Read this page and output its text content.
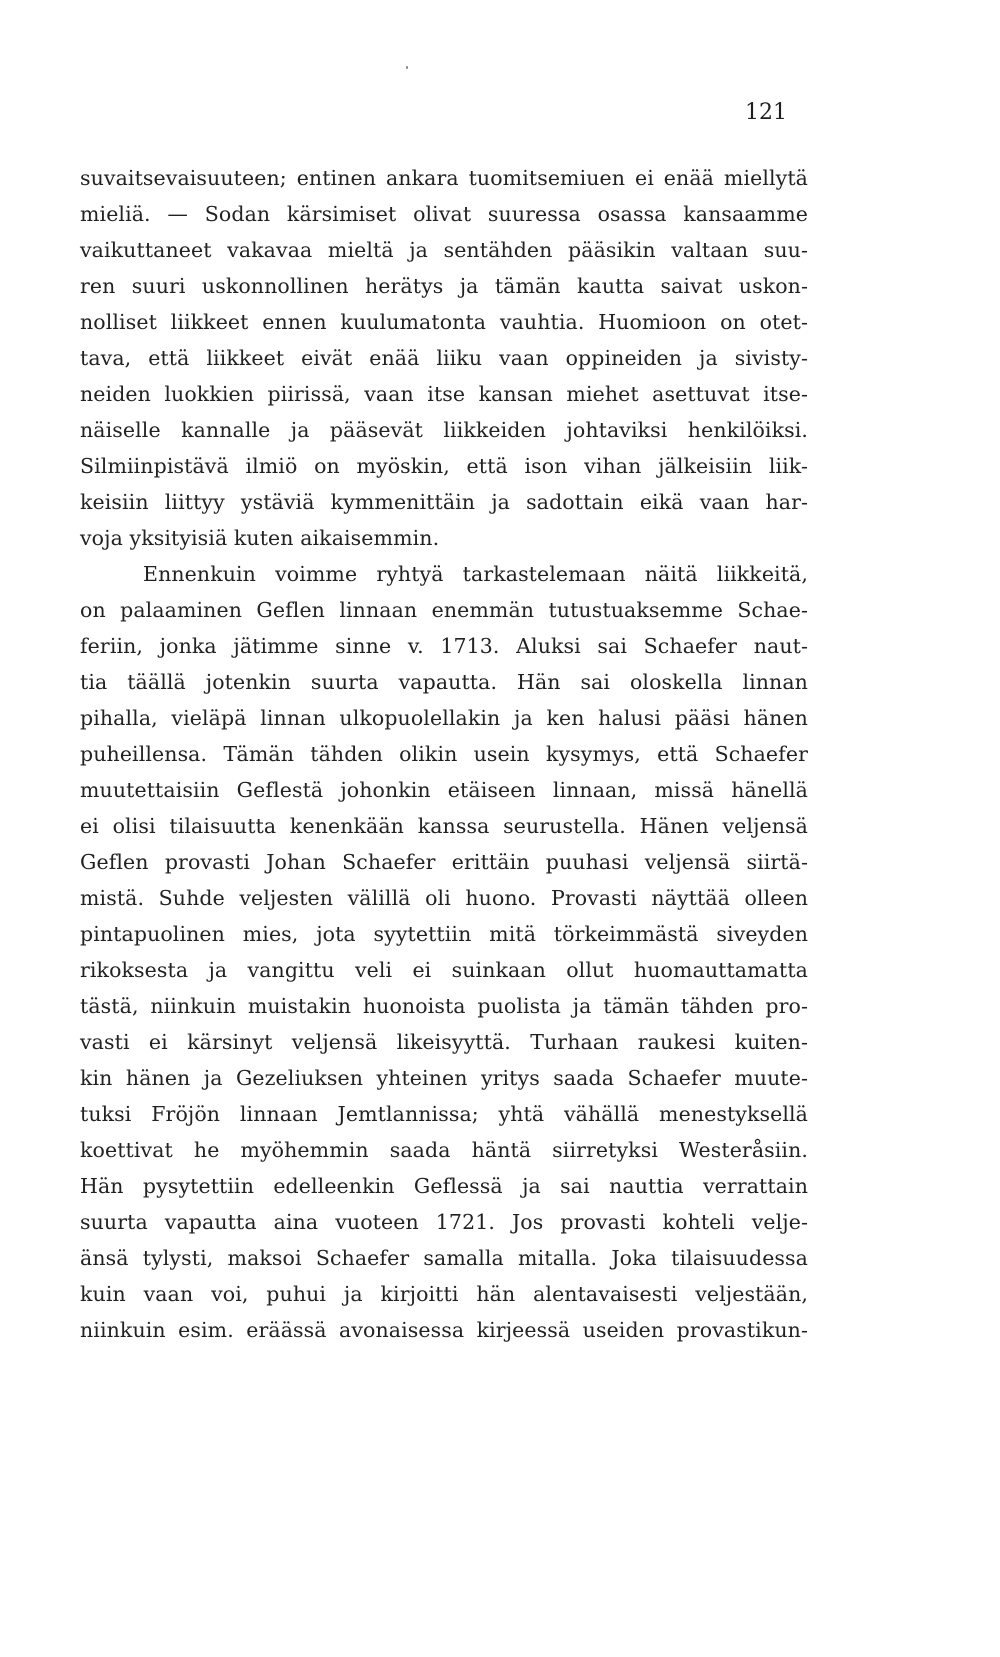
121
suvaitsevaisuuteen; entinen ankara tuomitsemiuen ei enää miellytä
mieliä. — Sodan kärsimiset olivat suuressa osassa kansaamme
vaikuttaneet vakavaa mieltä ja sentähden pääsikin valtaan suu-
ren suuri uskonnollinen herätys ja tämän kautta saivat uskon-
nolliset liikkeet ennen kuulumatonta vauhtia. Huomioon on otet-
tava, että liikkeet eivät enää liiku vaan oppineiden ja sivisty-
neiden luokkien piirissä, vaan itse kansan miehet asettuvat itse-
näiselle kannalle ja pääsevät liikkeiden johtaviksi henkilöiksi.
Silmiinpistävä ilmiö on myöskin, että ison vihan jälkeisiin liik-
keisiin liittyy ystäviä kymmenittäin ja sadottain eikä vaan har-
voja yksityisiä kuten aikaisemmin.
Ennenkuin voimme ryhtyä tarkastelemaan näitä liikkeitä,
on palaaminen Geflen linnaan enemmän tutustuaksemme Schae-
feriin, jonka jätimme sinne v. 1713. Aluksi sai Schaefer naut-
tia täällä jotenkin suurta vapautta. Hän sai oloskella linnan
pihalla, vieläpä linnan ulkopuolellakin ja ken halusi pääsi hänen
puheillensa. Tämän tähden olikin usein kysymys, että Schaefer
muutettaisiin Geflestä johonkin etäiseen linnaan, missä hänellä
ei olisi tilaisuutta kenenkään kanssa seurustella. Hänen veljensä
Geflen provasti Johan Schaefer erittäin puuhasi veljensä siirtä-
mistä. Suhde veljesten välillä oli huono. Provasti näyttää olleen
pintapuolinen mies, jota syytettiin mitä törkeimmästä siveyden
rikoksesta ja vangittu veli ei suinkaan ollut huomauttamatta
tästä, niinkuin muistakin huonoista puolista ja tämän tähden pro-
vasti ei kärsinyt veljensä likeisyyttä. Turhaan raukesi kuiten-
kin hänen ja Gezeliuksen yhteinen yritys saada Schaefer muute-
tuksi Fröjön linnaan Jemtlannissa; yhtä vähällä menestyksellä
koettivat he myöhemmin saada häntä siirretyksi Westeråsiin.
Hän pysytettiin edelleenkin Geflessä ja sai nauttia verrattain
suurta vapautta aina vuoteen 1721. Jos provasti kohteli velje-
änsä tylysti, maksoi Schaefer samalla mitalla. Joka tilaisuudessa
kuin vaan voi, puhui ja kirjoitti hän alentavaisesti veljestään,
niinkuin esim. eräässä avonaisessa kirjeessä useiden provastikun-
